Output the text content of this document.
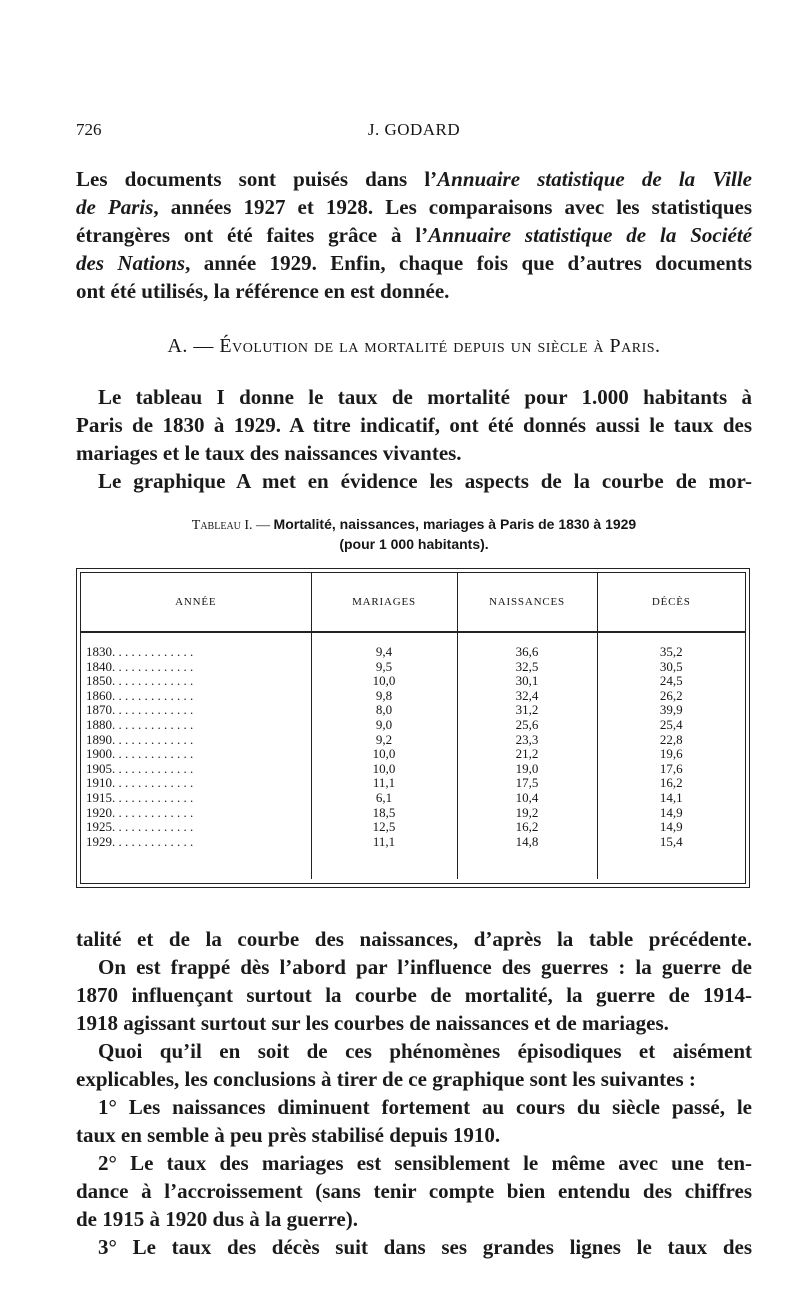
726	J. GODARD

Les documents sont puisés dans l’Annuaire statistique de la Ville

de Paris, années 1927 et 1928. Les comparaisons avec les statistiques

étrangères ont été faites grâce à l’Annuaire statistique de la Société

des Nations, année 1929. Enfin, chaque fois que d’autres documents

ont été utilisés, la référence en est donnée.

A. — Évolution de la mortalité depuis un siècle à Paris.

Le tableau I donne le taux de mortalité pour 1.000 habitants à

Paris de 1830 à 1929. A titre indicatif, ont été donnés aussi le taux des

mariages et le taux des naissances vivantes.

Le graphique A met en évidence les aspects de la courbe de mor-

Tableau I. — Mortalité, naissances, mariages à Paris de 1830 à 1929
(pour 1 000 habitants).
ANNÉE	MARIAGES	NAISSANCES	DÉCÈS

1830. . . . . . . . . . . . .	9,4	36,6	35,2
1840. . . . . . . . . . . . .	9,5	32,5	30,5
1850. . . . . . . . . . . . .	10,0	30,1	24,5
1860. . . . . . . . . . . . .	9,8	32,4	26,2
1870. . . . . . . . . . . . .	8,0	31,2	39,9
1880. . . . . . . . . . . . .	9,0	25,6	25,4
1890. . . . . . . . . . . . .	9,2	23,3	22,8
1900. . . . . . . . . . . . .	10,0	21,2	19,6
1905. . . . . . . . . . . . .	10,0	19,0	17,6
1910. . . . . . . . . . . . .	11,1	17,5	16,2
1915. . . . . . . . . . . . .	6,1	10,4	14,1
1920. . . . . . . . . . . . .	18,5	19,2	14,9
1925. . . . . . . . . . . . .	12,5	16,2	14,9
1929. . . . . . . . . . . . .	11,1	14,8	15,4

talité et de la courbe des naissances, d’après la table précédente.

On est frappé dès l’abord par l’influence des guerres : la guerre de

1870 influençant surtout la courbe de mortalité, la guerre de 1914-

1918 agissant surtout sur les courbes de naissances et de mariages.

Quoi qu’il en soit de ces phénomènes épisodiques et aisément

explicables, les conclusions à tirer de ce graphique sont les suivantes :

1° Les naissances diminuent fortement au cours du siècle passé, le

taux en semble à peu près stabilisé depuis 1910.

2° Le taux des mariages est sensiblement le même avec une ten-

dance à l’accroissement (sans tenir compte bien entendu des chiffres

de 1915 à 1920 dus à la guerre).

3° Le taux des décès suit dans ses grandes lignes le taux des
